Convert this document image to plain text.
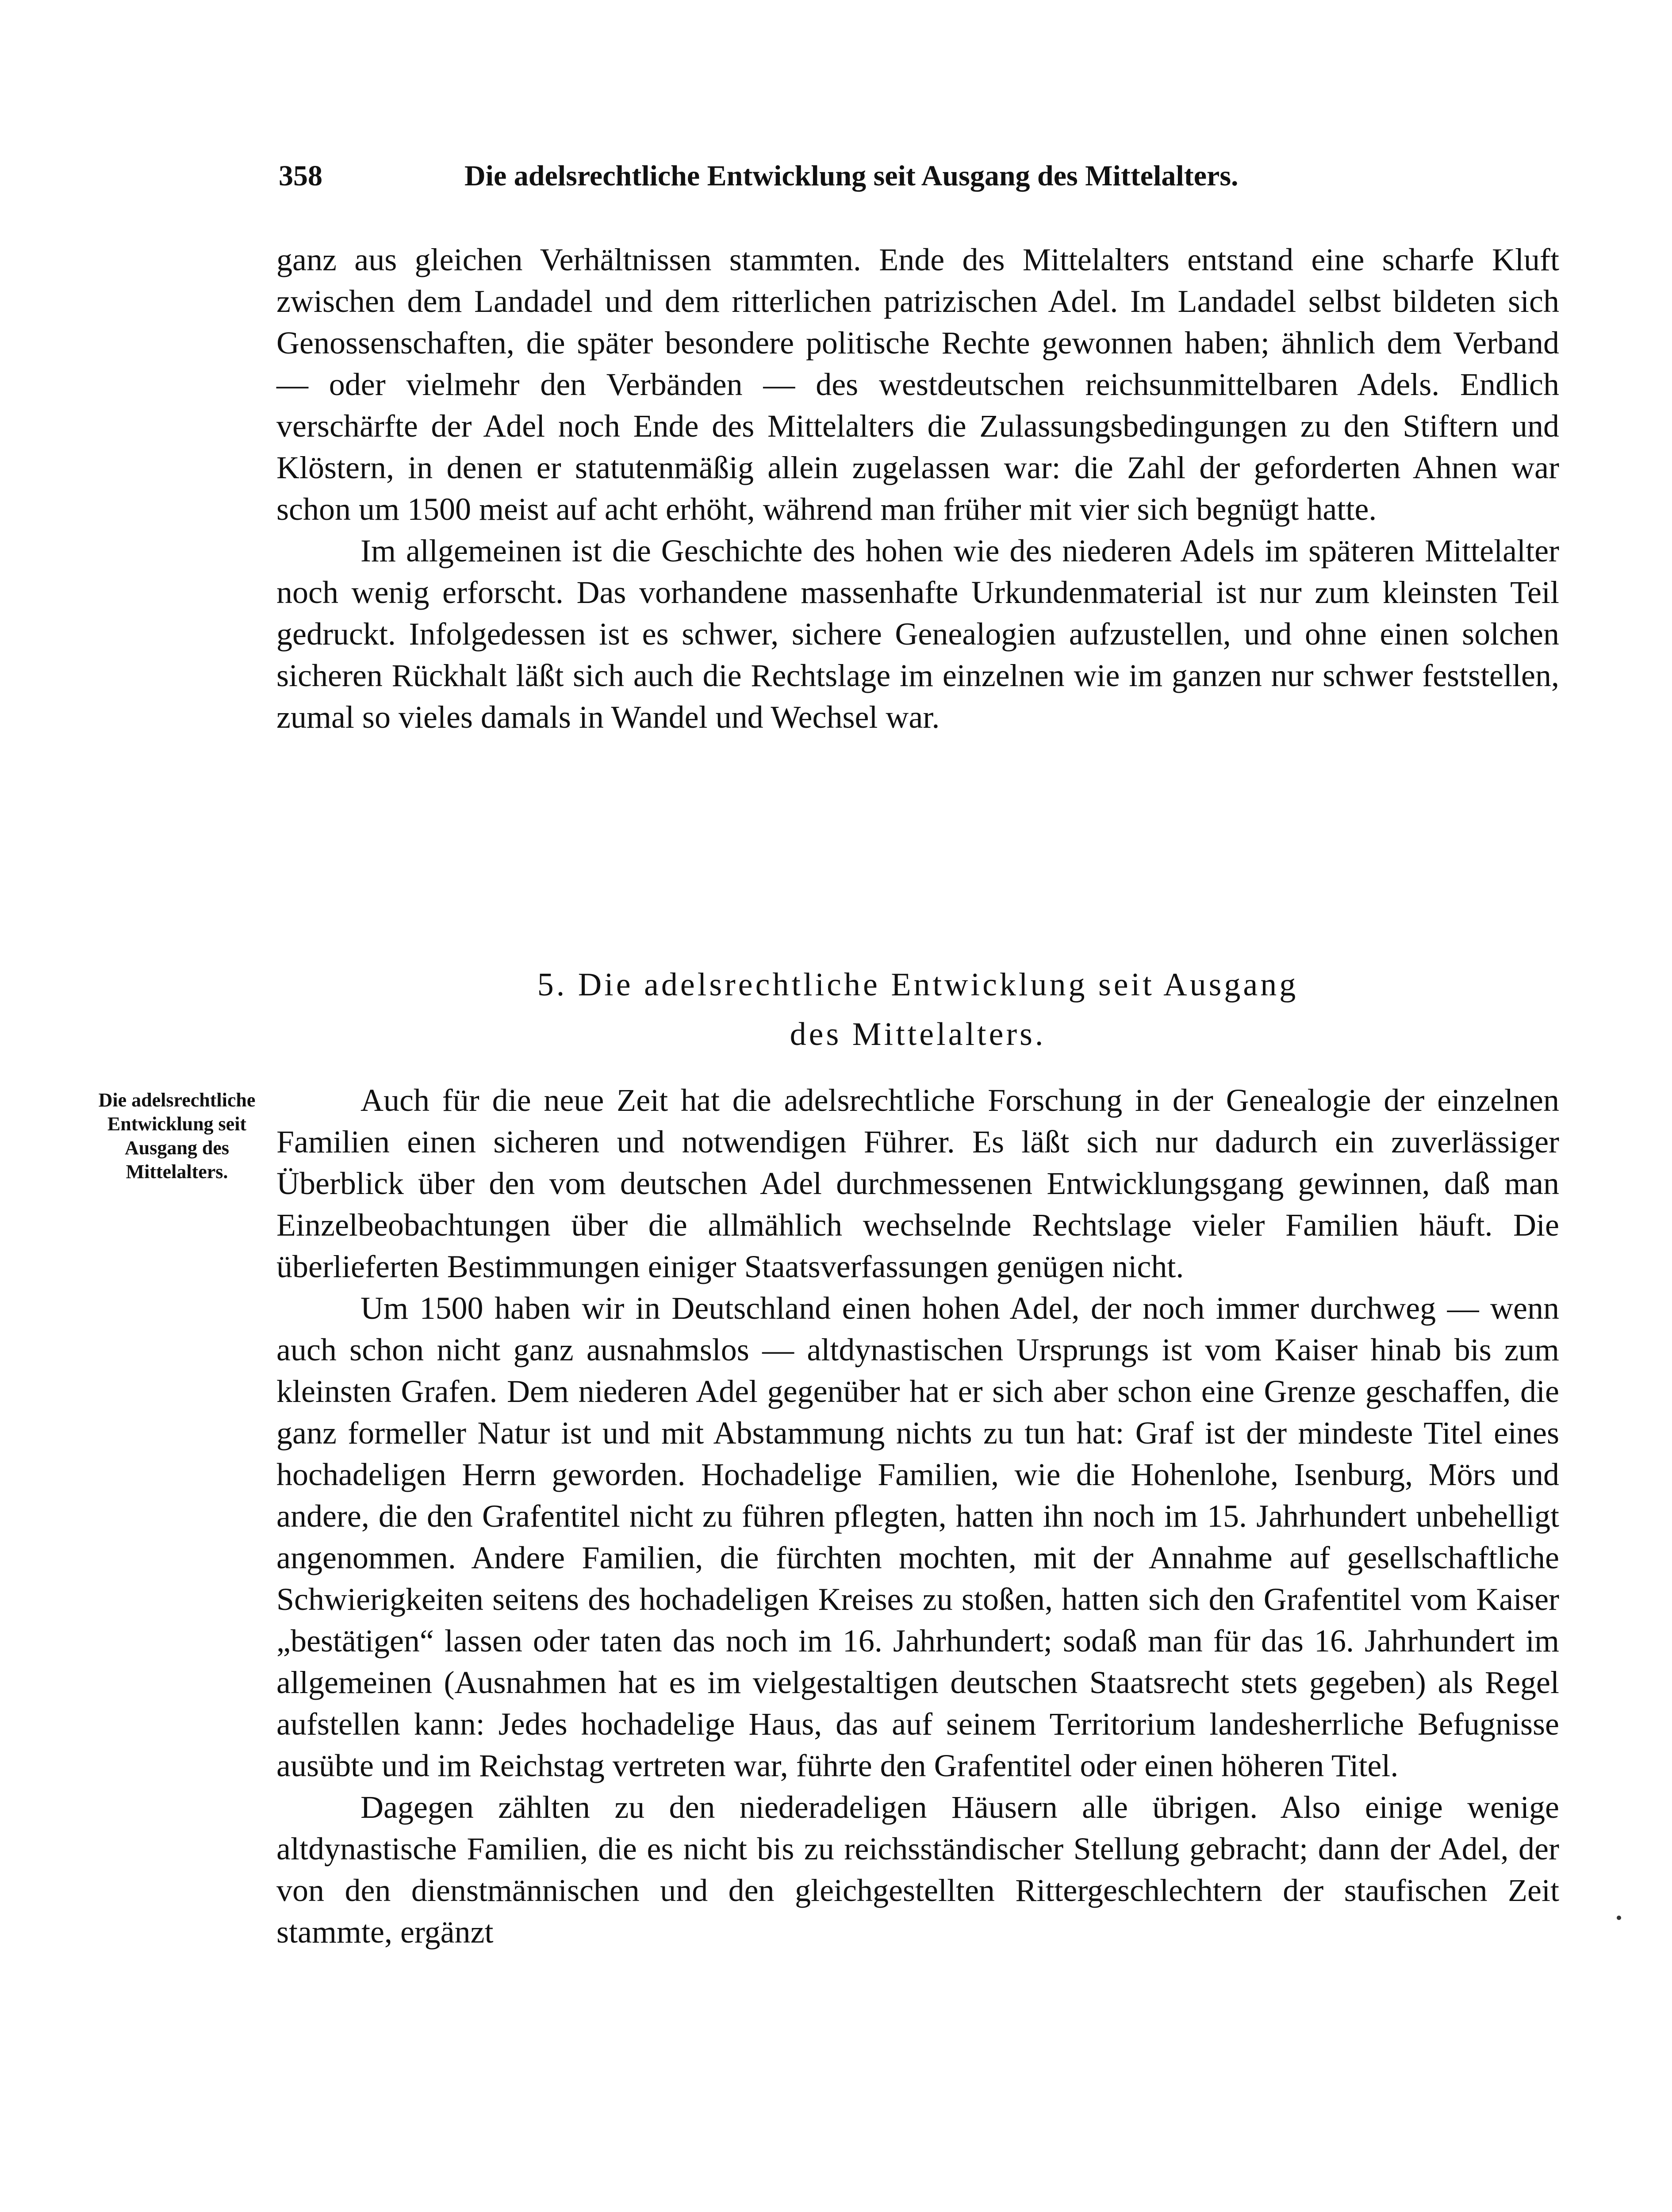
358	Die adelsrechtliche Entwicklung seit Ausgang des Mittelalters.

ganz aus gleichen Verhältnissen stammten. Ende des Mittelalters entstand eine scharfe Kluft zwischen dem Landadel und dem ritterlichen patrizischen Adel. Im Landadel selbst bildeten sich Genossenschaften, die später besondere politische Rechte gewonnen haben; ähnlich dem Verband — oder vielmehr den Verbänden — des westdeutschen reichsunmittelbaren Adels. Endlich verschärfte der Adel noch Ende des Mittelalters die Zulassungsbedingungen zu den Stiftern und Klöstern, in denen er statutenmäßig allein zugelassen war: die Zahl der geforderten Ahnen war schon um 1500 meist auf acht erhöht, während man früher mit vier sich begnügt hatte.

Im allgemeinen ist die Geschichte des hohen wie des niederen Adels im späteren Mittelalter noch wenig erforscht. Das vorhandene massenhafte Urkundenmaterial ist nur zum kleinsten Teil gedruckt. Infolgedessen ist es schwer, sichere Genealogien aufzustellen, und ohne einen solchen sicheren Rückhalt läßt sich auch die Rechtslage im einzelnen wie im ganzen nur schwer feststellen, zumal so vieles damals in Wandel und Wechsel war.

5. Die adelsrechtliche Entwicklung seit Ausgang
des Mittelalters.
Die adelsrechtliche Entwicklung seit Ausgang des Mittelalters.

Auch für die neue Zeit hat die adelsrechtliche Forschung in der Genealogie der einzelnen Familien einen sicheren und notwendigen Führer. Es läßt sich nur dadurch ein zuverlässiger Überblick über den vom deutschen Adel durchmessenen Entwicklungsgang gewinnen, daß man Einzelbeobachtungen über die allmählich wechselnde Rechtslage vieler Familien häuft. Die überlieferten Bestimmungen einiger Staatsverfassungen genügen nicht.

Um 1500 haben wir in Deutschland einen hohen Adel, der noch immer durchweg — wenn auch schon nicht ganz ausnahmslos — altdynastischen Ursprungs ist vom Kaiser hinab bis zum kleinsten Grafen. Dem niederen Adel gegenüber hat er sich aber schon eine Grenze geschaffen, die ganz formeller Natur ist und mit Abstammung nichts zu tun hat: Graf ist der mindeste Titel eines hochadeligen Herrn geworden. Hochadelige Familien, wie die Hohenlohe, Isenburg, Mörs und andere, die den Grafentitel nicht zu führen pflegten, hatten ihn noch im 15. Jahrhundert unbehelligt angenommen. Andere Familien, die fürchten mochten, mit der Annahme auf gesellschaftliche Schwierigkeiten seitens des hochadeligen Kreises zu stoßen, hatten sich den Grafentitel vom Kaiser „bestätigen“ lassen oder taten das noch im 16. Jahrhundert; sodaß man für das 16. Jahrhundert im allgemeinen (Ausnahmen hat es im vielgestaltigen deutschen Staatsrecht stets gegeben) als Regel aufstellen kann: Jedes hochadelige Haus, das auf seinem Territorium landesherrliche Befugnisse ausübte und im Reichstag vertreten war, führte den Grafentitel oder einen höheren Titel.

Dagegen zählten zu den niederadeligen Häusern alle übrigen. Also einige wenige altdynastische Familien, die es nicht bis zu reichsständischer Stellung gebracht; dann der Adel, der von den dienstmännischen und den gleichgestellten Rittergeschlechtern der staufischen Zeit stammte, ergänzt
